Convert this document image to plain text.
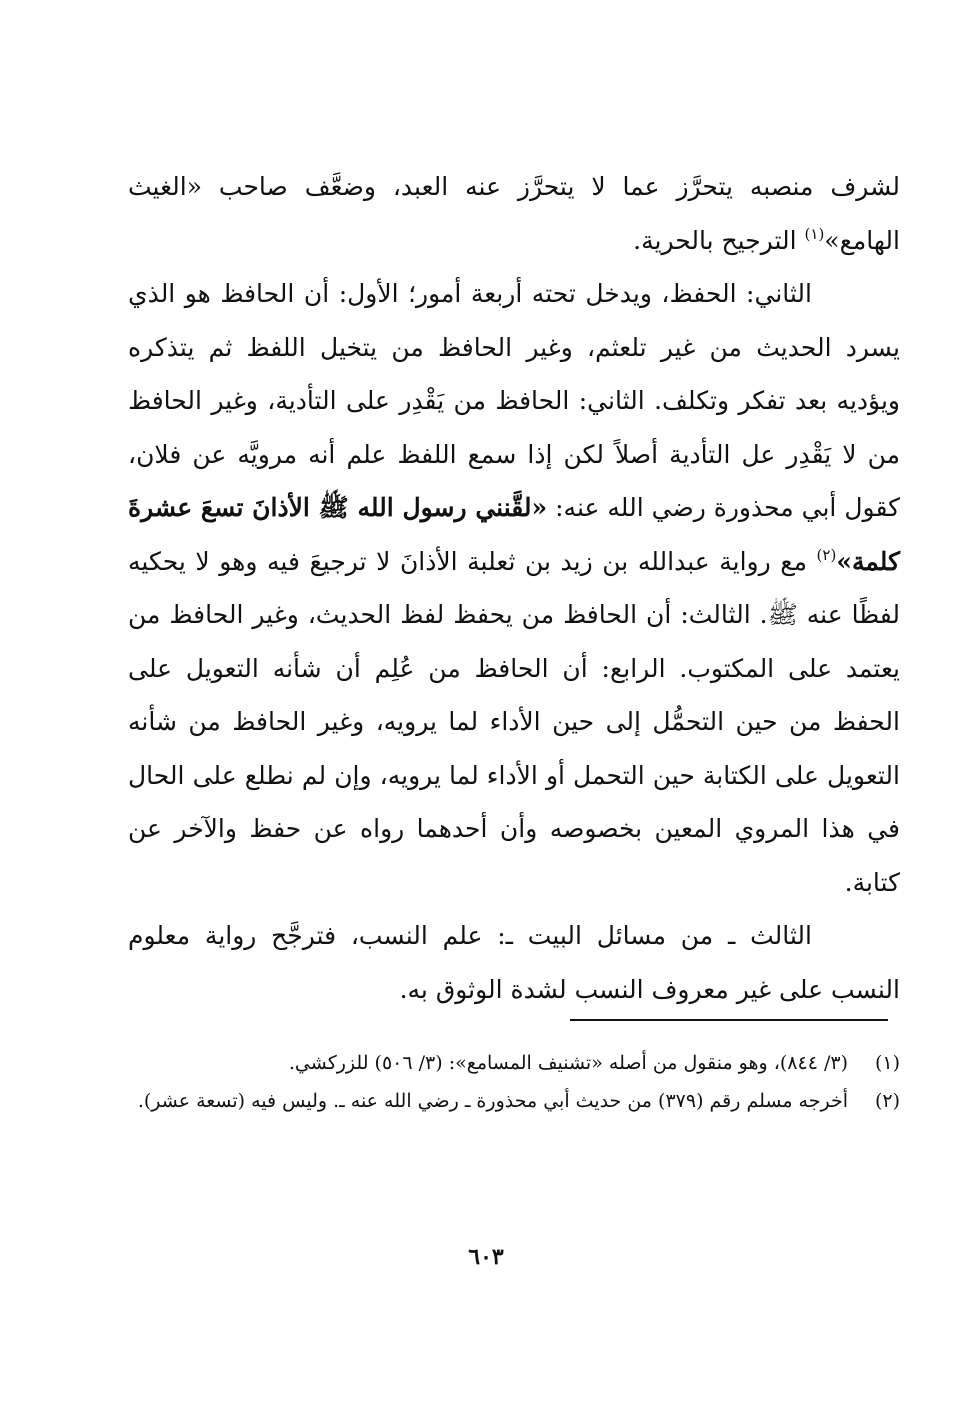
لشرف منصبه يتحرَّز عما لا يتحرَّز عنه العبد، وضعَّف صاحب «الغيث الهامع»$^{(١)}$ الترجيح بالحرية.

الثاني: الحفظ، ويدخل تحته أربعة أمور؛ الأول: أن الحافظ هو الذي يسرد الحديث من غير تلعثم، وغير الحافظ من يتخيل اللفظ ثم يتذكره ويؤديه بعد تفكر وتكلف. الثاني: الحافظ من يَقْدِر على التأدية، وغير الحافظ من لا يَقْدِر عل التأدية أصلاً لكن إذا سمع اللفظ علم أنه مرويَّه عن فلان، كقول أبي محذورة رضي الله عنه: «لقَّنني رسول الله ﷺ الأذانَ تسعَ عشرةَ كلمة»$^{(٢)}$ مع رواية عبدالله بن زيد بن ثعلبة الأذانَ لا ترجيعَ فيه وهو لا يحكيه لفظًا عنه ﷺ. الثالث: أن الحافظ من يحفظ لفظ الحديث، وغير الحافظ من يعتمد على المكتوب. الرابع: أن الحافظ من عُلِم أن شأنه التعويل على الحفظ من حين التحمُّل إلى حين الأداء لما يرويه، وغير الحافظ من شأنه التعويل على الكتابة حين التحمل أو الأداء لما يرويه، وإن لم نطلع على الحال في هذا المروي المعين بخصوصه وأن أحدهما رواه عن حفظ والآخر عن كتابة.

الثالث ـ من مسائل البيت ـ: علم النسب، فترجَّح رواية معلوم النسب على غير معروف النسب لشدة الوثوق به.

(١)
(٣/ ٨٤٤)، وهو منقول من أصله «تشنيف المسامع»: (٣/ ٥٠٦) للزركشي.
(٢)
أخرجه مسلم رقم (٣٧٩) من حديث أبي محذورة ـ رضي الله عنه ـ. وليس فيه (تسعة عشر).
٦٠٣
